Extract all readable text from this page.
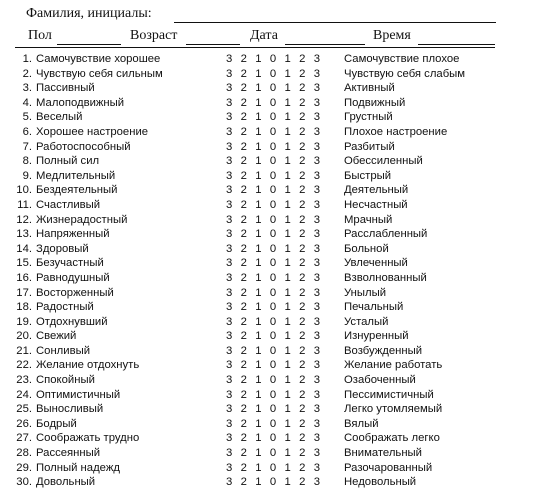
Фамилия, инициалы:
Пол	Возраст	Дата	Время
1. Самочувствие хорошее	3 2 1 0 1 2 3 Самочувствие плохое
2. Чувствую себя сильным	3 2 1 0 1 2 3 Чувствую себя слабым
3. Пассивный	3 2 1 0 1 2 3 Активный
4. Малоподвижный	3 2 1 0 1 2 3 Подвижный
5. Веселый	3 2 1 0 1 2 3 Грустный
6. Хорошее настроение	3 2 1 0 1 2 3 Плохое настроение
7. Работоспособный	3 2 1 0 1 2 3 Разбитый
8. Полный сил	3 2 1 0 1 2 3 Обессиленный
9. Медлительный	3 2 1 0 1 2 3 Быстрый
10. Бездеятельный	3 2 1 0 1 2 3 Деятельный
11. Счастливый	3 2 1 0 1 2 3 Несчастный
12. Жизнерадостный	3 2 1 0 1 2 3 Мрачный
13. Напряженный	3 2 1 0 1 2 3 Расслабленный
14. Здоровый	3 2 1 0 1 2 3 Больной
15. Безучастный	3 2 1 0 1 2 3 Увлеченный
16. Равнодушный	3 2 1 0 1 2 3 Взволнованный
17. Восторженный	3 2 1 0 1 2 3 Унылый
18. Радостный	3 2 1 0 1 2 3 Печальный
19. Отдохнувший	3 2 1 0 1 2 3 Усталый
20. Свежий	3 2 1 0 1 2 3 Изнуренный
21. Сонливый	3 2 1 0 1 2 3 Возбужденный
22. Желание отдохнуть	3 2 1 0 1 2 3 Желание работать
23. Спокойный	3 2 1 0 1 2 3 Озабоченный
24. Оптимистичный	3 2 1 0 1 2 3 Пессимистичный
25. Выносливый	3 2 1 0 1 2 3 Легко утомляемый
26. Бодрый	3 2 1 0 1 2 3 Вялый
27. Соображать трудно	3 2 1 0 1 2 3 Соображать легко
28. Рассеянный	3 2 1 0 1 2 3 Внимательный
29. Полный надежд	3 2 1 0 1 2 3 Разочарованный
30. Довольный	3 2 1 0 1 2 3 Недовольный
